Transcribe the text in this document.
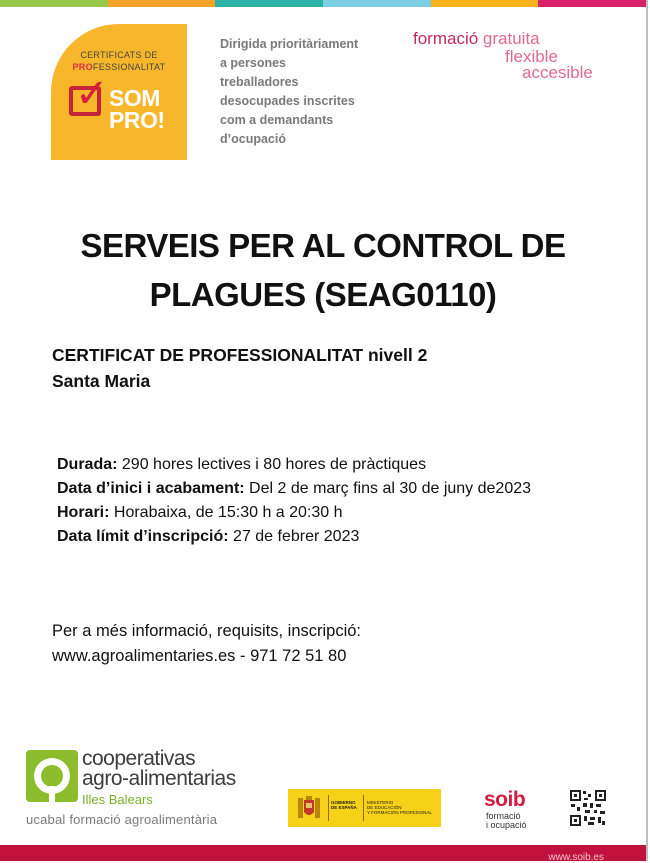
CERTIFICATS DE
PROFESSIONALITAT
✓ SOM
PRO!
Dirigida prioritàriament
a persones
treballadores
desocupades inscrites
com a demandants
d’ocupació
formació gratuita
flexible
accesible
SERVEIS PER AL CONTROL DE
PLAGUES (SEAG0110)
CERTIFICAT DE PROFESSIONALITAT nivell 2
Santa Maria
Durada: 290 hores lectives i 80 hores de pràctiques
Data d’inici i acabament: Del 2 de març fins al 30 de juny de2023
Horari: Horabaixa, de 15:30 h a 20:30 h
Data límit d’inscripció: 27 de febrer 2023
Per a més informació, requisits, inscripció:
www.agroalimentaries.es - 971 72 51 80
cooperativas
agro-alimentarias
Illes Balears
ucabal formació agroalimentària
GOBIERNO
DE ESPAÑA
MINISTERIO
DE EDUCACIÓN
Y FORMACIÓN PROFESIONAL
soib
formació
i ocupació
www.soib.es
